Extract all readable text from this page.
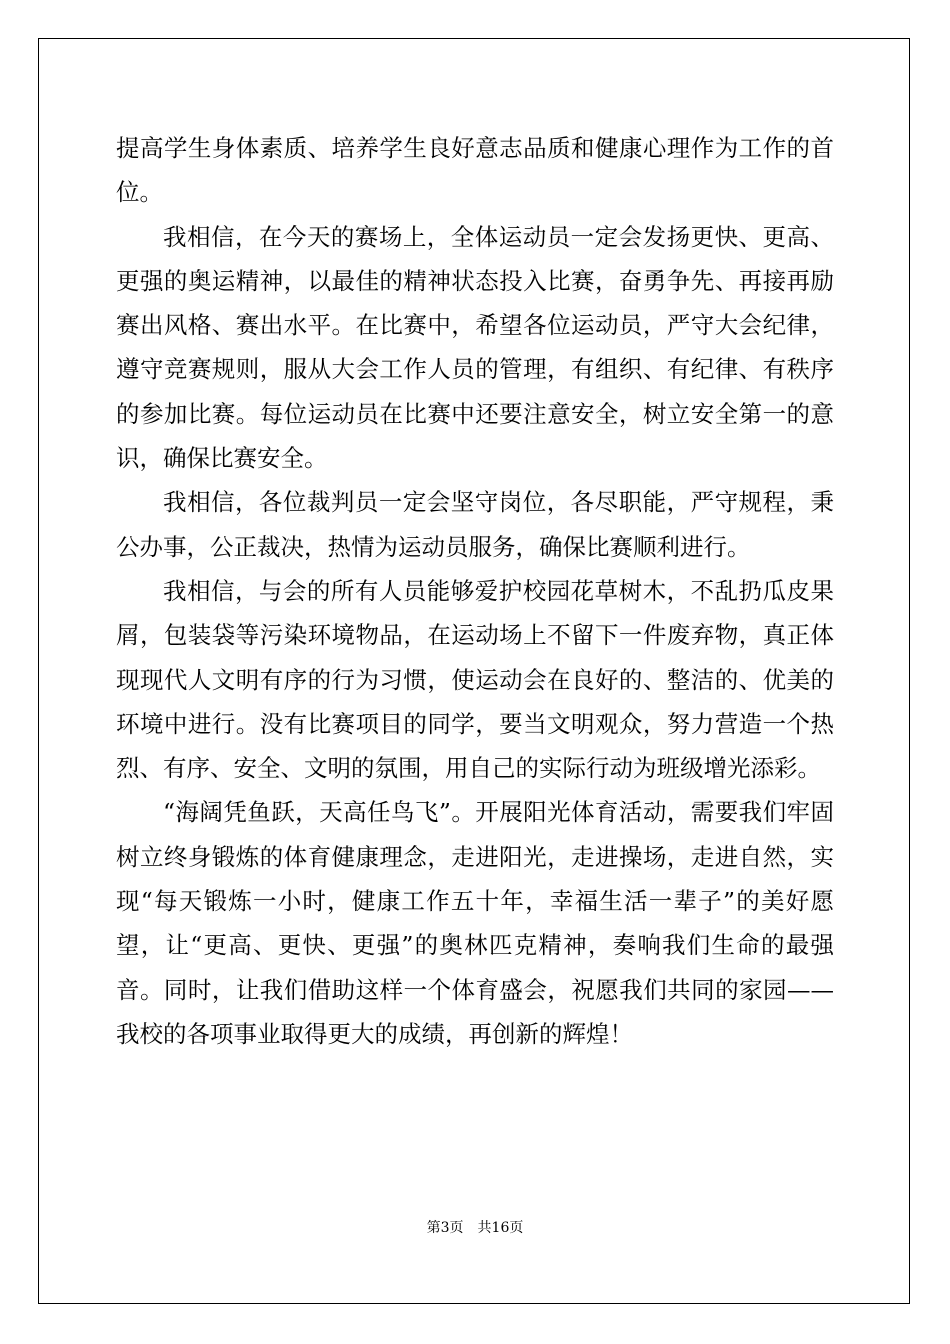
提高学生身体素质、培养学生良好意志品质和健康心理作为工作的首位。

我相信，在今天的赛场上，全体运动员一定会发扬更快、更高、更强的奥运精神，以最佳的精神状态投入比赛，奋勇争先、再接再励赛出风格、赛出水平。在比赛中，希望各位运动员，严守大会纪律，遵守竞赛规则，服从大会工作人员的管理，有组织、有纪律、有秩序的参加比赛。每位运动员在比赛中还要注意安全，树立安全第一的意识，确保比赛安全。

我相信，各位裁判员一定会坚守岗位，各尽职能，严守规程，秉公办事，公正裁决，热情为运动员服务，确保比赛顺利进行。

我相信，与会的所有人员能够爱护校园花草树木，不乱扔瓜皮果屑，包装袋等污染环境物品，在运动场上不留下一件废弃物，真正体现现代人文明有序的行为习惯，使运动会在良好的、整洁的、优美的环境中进行。没有比赛项目的同学，要当文明观众，努力营造一个热烈、有序、安全、文明的氛围，用自己的实际行动为班级增光添彩。

“海阔凭鱼跃，天高任鸟飞”。开展阳光体育活动，需要我们牢固树立终身锻炼的体育健康理念，走进阳光，走进操场，走进自然，实现“每天锻炼一小时，健康工作五十年，幸福生活一辈子”的美好愿望，让“更高、更快、更强”的奥林匹克精神，奏响我们生命的最强音。同时，让我们借助这样一个体育盛会，祝愿我们共同的家园——我校的各项事业取得更大的成绩，再创新的辉煌！

第3页 共16页
